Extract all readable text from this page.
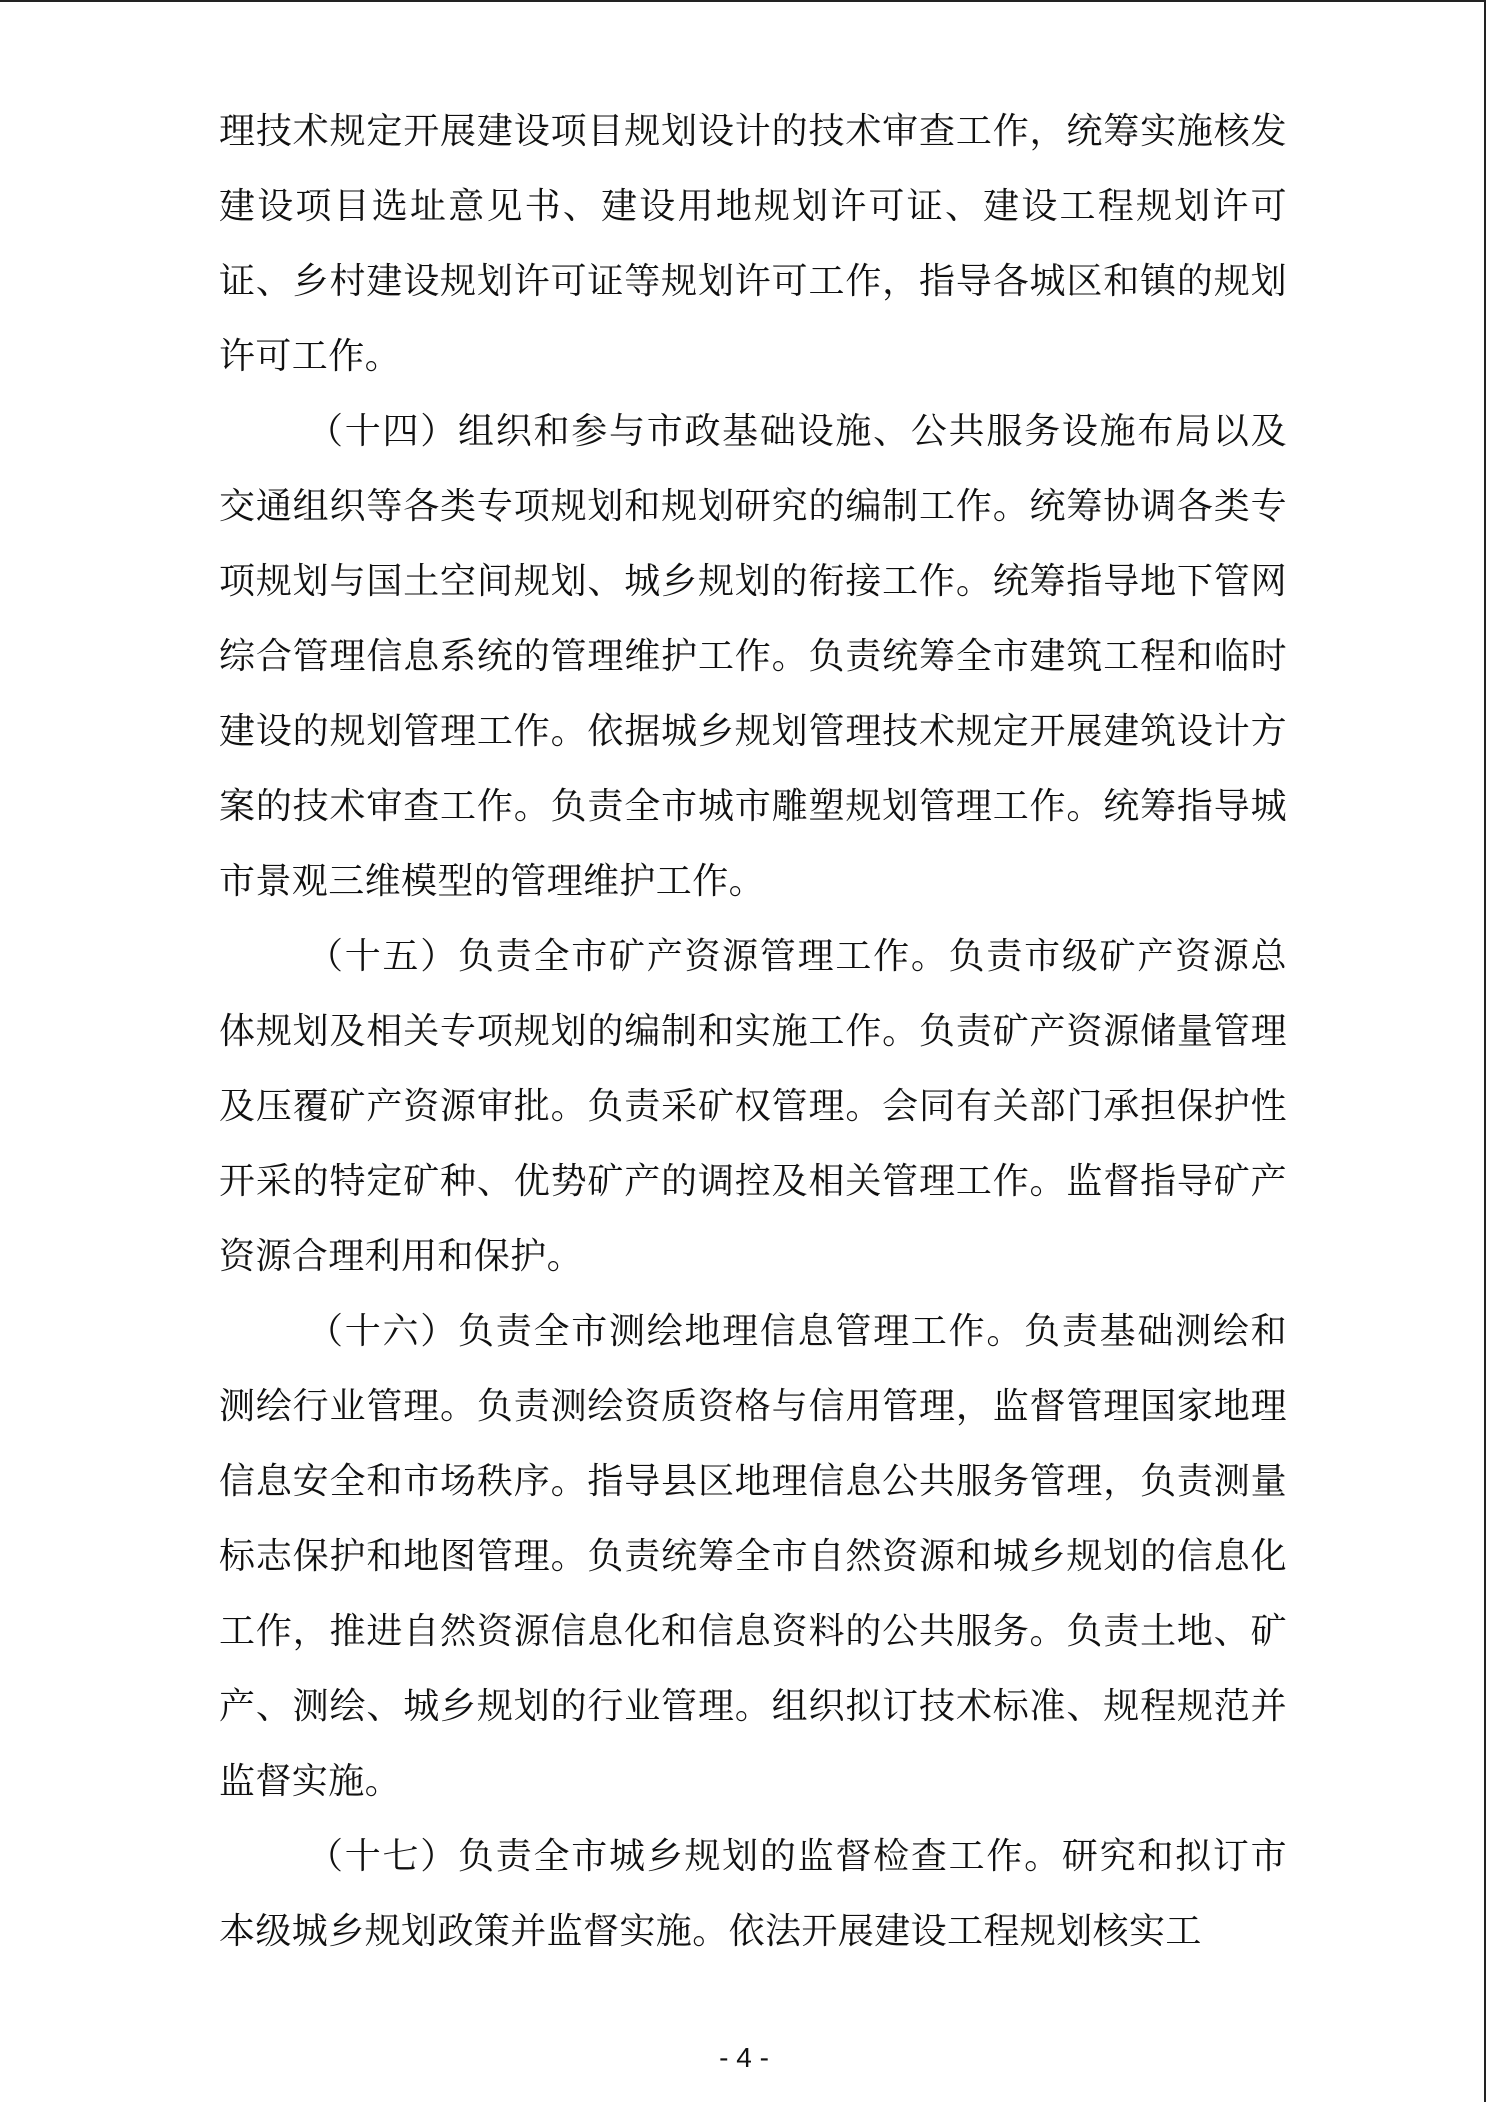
理技术规定开展建设项目规划设计的技术审查工作，统筹实施核发建设项目选址意见书、建设用地规划许可证、建设工程规划许可证、乡村建设规划许可证等规划许可工作，指导各城区和镇的规划许可工作。

（十四）组织和参与市政基础设施、公共服务设施布局以及交通组织等各类专项规划和规划研究的编制工作。统筹协调各类专项规划与国土空间规划、城乡规划的衔接工作。统筹指导地下管网综合管理信息系统的管理维护工作。负责统筹全市建筑工程和临时建设的规划管理工作。依据城乡规划管理技术规定开展建筑设计方案的技术审查工作。负责全市城市雕塑规划管理工作。统筹指导城市景观三维模型的管理维护工作。

（十五）负责全市矿产资源管理工作。负责市级矿产资源总体规划及相关专项规划的编制和实施工作。负责矿产资源储量管理及压覆矿产资源审批。负责采矿权管理。会同有关部门承担保护性开采的特定矿种、优势矿产的调控及相关管理工作。监督指导矿产资源合理利用和保护。

（十六）负责全市测绘地理信息管理工作。负责基础测绘和测绘行业管理。负责测绘资质资格与信用管理，监督管理国家地理信息安全和市场秩序。指导县区地理信息公共服务管理，负责测量标志保护和地图管理。负责统筹全市自然资源和城乡规划的信息化工作，推进自然资源信息化和信息资料的公共服务。负责土地、矿产、测绘、城乡规划的行业管理。组织拟订技术标准、规程规范并监督实施。

（十七）负责全市城乡规划的监督检查工作。研究和拟订市本级城乡规划政策并监督实施。依法开展建设工程规划核实工

- 4 -
